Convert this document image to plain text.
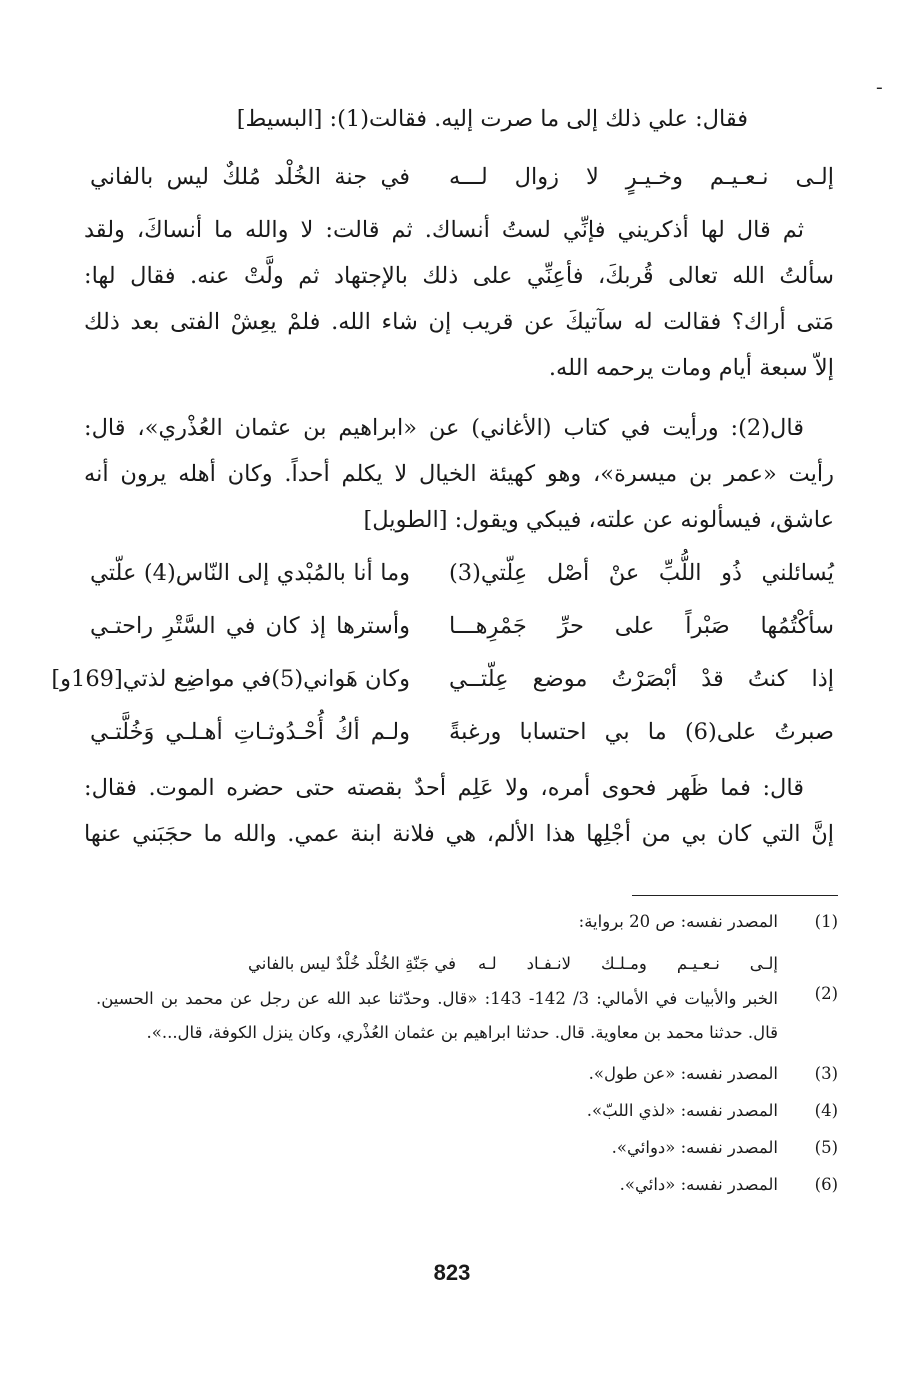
ـ
فقال: علي ذلك إلى ما صرت إليه. فقالت(1): [البسيط]
إلـى نـعـيـم وخـيـرٍ لا زوال لـــه
في جنة الخُلْد مُلكٌ ليس بالفاني
ثم قال لها أذكريني فإنِّي لستُ أنساك. ثم قالت: لا والله ما أنساكَ، ولقد
سألتُ الله تعالى قُربكَ، فأعِنِّي على ذلك بالإجتهاد ثم ولَّتْ عنه. فقال لها:
مَتى أراك؟ فقالت له سآتيكَ عن قريب إن شاء الله. فلمْ يعِشْ الفتى بعد ذلك
إلاّ سبعة أيام ومات يرحمه الله.
قال(2): ورأيت في كتاب (الأغاني) عن «ابراهيم بن عثمان العُذْري»، قال:
رأيت «عمر بن ميسرة»، وهو كهيئة الخيال لا يكلم أحداً. وكان أهله يرون أنه
عاشق، فيسألونه عن علته، فيبكي ويقول: [الطويل]
يُسائلني ذُو اللُّبِّ عنْ أصْل عِلّتي(3)
وما أنا بالمُبْدي إلى النّاس(4) علّتي
سأكْتُمُها صَبْراً على حرِّ جَمْرِهـــا
وأسترها إذ كان في السَّتْرِ راحتـي
إذا كنتُ قدْ أبْصَرْتُ موضع عِلّتــي
وكان هَواني(5)في مواضِع لذتي[169و]
صبرتُ على(6) ما بي احتسابا ورغبةً
ولـم أكُ أُحْـدُوثـاتِ أهـلـي وَخُلَّتـي
قال: فما ظَهر فحوى أمره، ولا عَلِم أحدٌ بقصته حتى حضره الموت. فقال:
إنَّ التي كان بي من أجْلِها هذا الألم، هي فلانة ابنة عمي. والله ما حجَبَني عنها
(1)
المصدر نفسه: ص 20 برواية:
إلـى نـعـيـم ومـلـك لانـفـاد لـه
في جَنّةِ الخُلْد خُلْدٌ ليس بالفاني
(2)
الخبر والأبيات في الأمالي: 3/ 142- 143: «قال. وحدّثنا عبد الله عن رجل عن محمد بن الحسين. قال. حدثنا محمد بن معاوية. قال. حدثنا ابراهيم بن عثمان العُذْري، وكان ينزل الكوفة، قال...».
(3)
المصدر نفسه: «عن طول».
(4)
المصدر نفسه: «لذي اللبّ».
(5)
المصدر نفسه: «دوائي».
(6)
المصدر نفسه: «دائي».
823
